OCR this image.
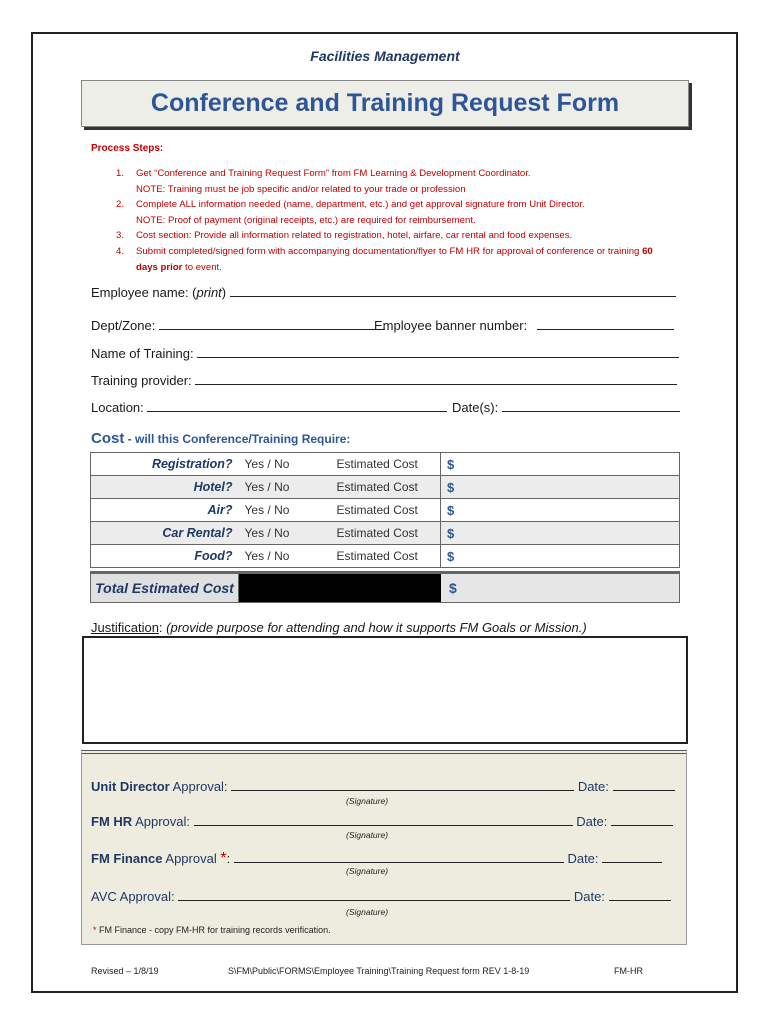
Facilities Management
Conference and Training Request Form
Process Steps:
1.	Get “Conference and Training Request Form” from FM Learning & Development Coordinator.
NOTE: Training must be job specific and/or related to your trade or profession
2.	Complete ALL information needed (name, department, etc.) and get approval signature from Unit Director.
NOTE: Proof of payment (original receipts, etc.) are required for reimbursement.
3.	Cost section: Provide all information related to registration, hotel, airfare, car rental and food expenses.
4.	Submit completed/signed form with accompanying documentation/flyer to FM HR for approval of conference or training 60
days prior to event.
Employee name: (print)
Dept/Zone:	Employee banner number:
Name of Training:
Training provider:
Location:	Date(s):
Cost - will this Conference/Training Require:
Registration?	Yes / No	Estimated Cost	$
Hotel?	Yes / No	Estimated Cost	$
Air?	Yes / No	Estimated Cost	$
Car Rental?	Yes / No	Estimated Cost	$
Food?	Yes / No	Estimated Cost	$
Total Estimated Cost	$
Justification: (provide purpose for attending and how it supports FM Goals or Mission.)
Unit Director Approval:	Date:
(Signature)
FM HR Approval:	Date:
(Signature)
FM Finance Approval *:	Date:
(Signature)
AVC Approval:	Date:
(Signature)
* FM Finance - copy FM-HR for training records verification.
Revised – 1/8/19	S\FM\Public\FORMS\Employee Training\Training Request form REV 1-8-19	FM-HR
